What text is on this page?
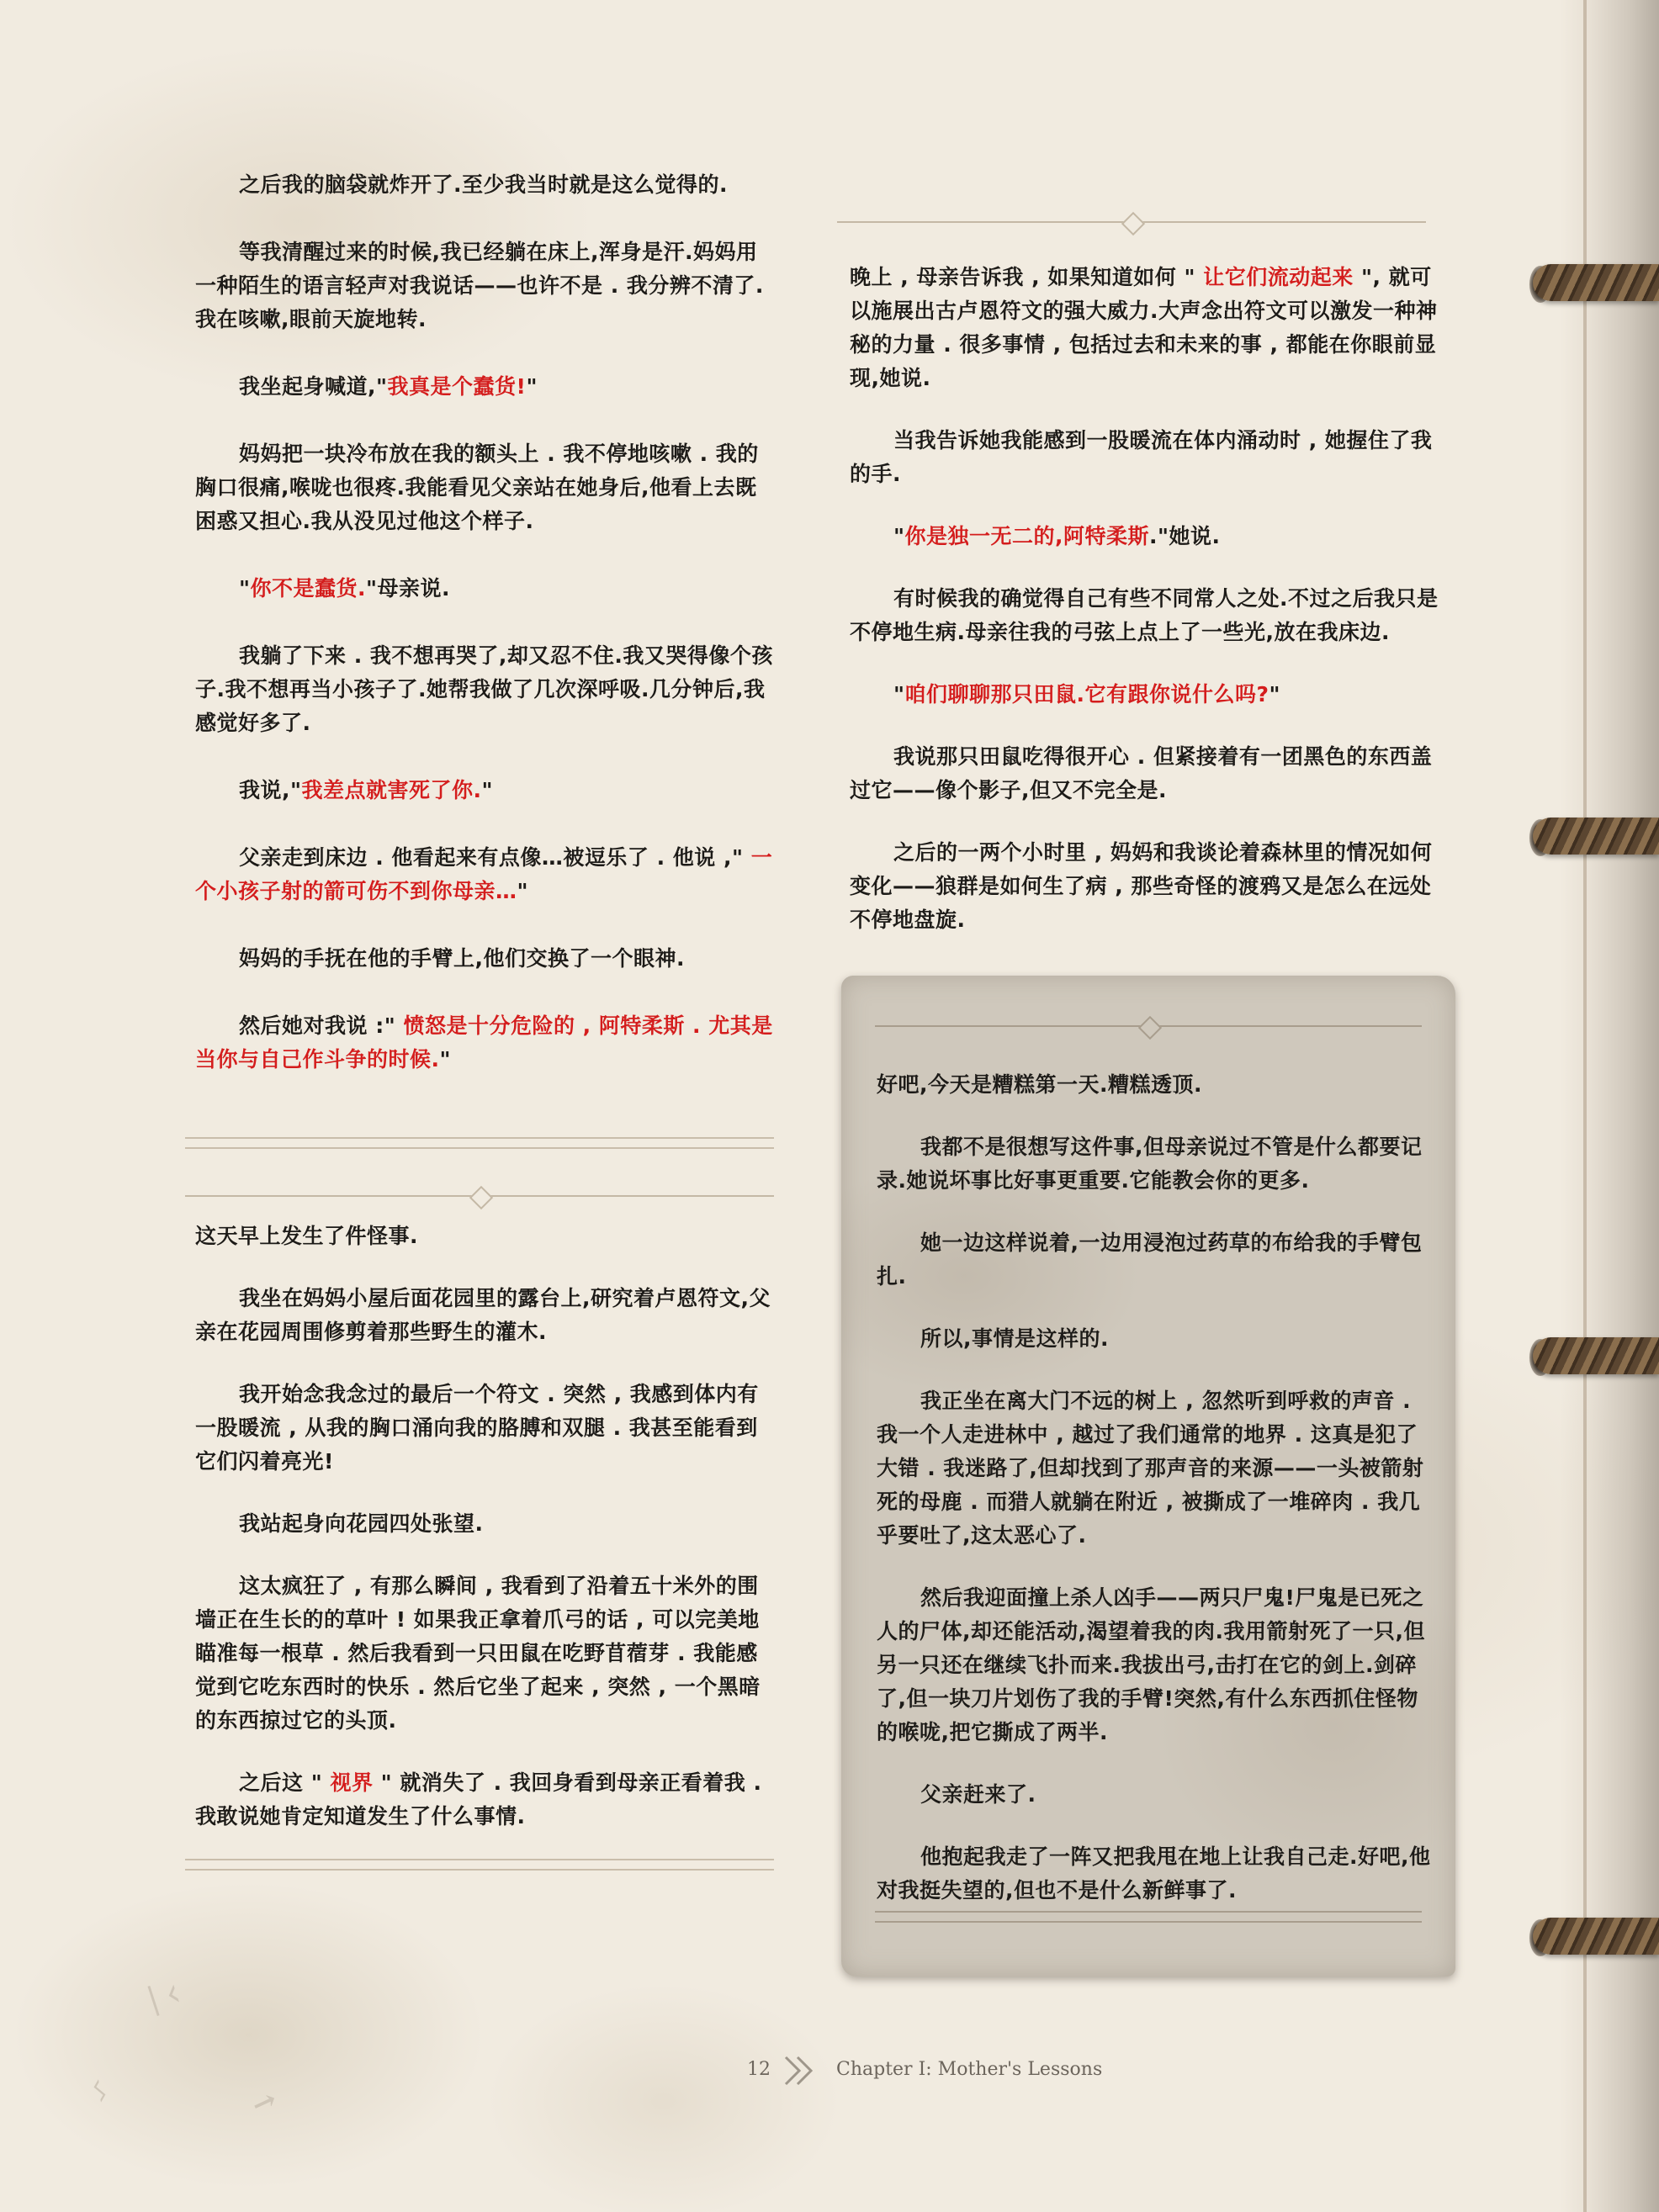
之后我的脑袋就炸开了.至少我当时就是这么觉得的.

等我清醒过来的时候,我已经躺在床上,浑身是汗.妈妈用一种陌生的语言轻声对我说话——也许不是 . 我分辨不清了.我在咳嗽,眼前天旋地转.

我坐起身喊道,"我真是个蠢货!"

妈妈把一块冷布放在我的额头上 . 我不停地咳嗽 . 我的胸口很痛,喉咙也很疼.我能看见父亲站在她身后,他看上去既困惑又担心.我从没见过他这个样子.

"你不是蠢货."母亲说.

我躺了下来 . 我不想再哭了,却又忍不住.我又哭得像个孩子.我不想再当小孩子了.她帮我做了几次深呼吸.几分钟后,我感觉好多了.

我说,"我差点就害死了你."

父亲走到床边 . 他看起来有点像…被逗乐了 . 他说 ," 一个小孩子射的箭可伤不到你母亲…"

妈妈的手抚在他的手臂上,他们交换了一个眼神.

然后她对我说 :" 愤怒是十分危险的 , 阿特柔斯 . 尤其是当你与自己作斗争的时候."

这天早上发生了件怪事.

我坐在妈妈小屋后面花园里的露台上,研究着卢恩符文,父亲在花园周围修剪着那些野生的灌木.

我开始念我念过的最后一个符文 . 突然 , 我感到体内有一股暖流 , 从我的胸口涌向我的胳膊和双腿 . 我甚至能看到它们闪着亮光!

我站起身向花园四处张望.

这太疯狂了 , 有那么瞬间 , 我看到了沿着五十米外的围墙正在生长的的草叶 ! 如果我正拿着爪弓的话 , 可以完美地瞄准每一根草 . 然后我看到一只田鼠在吃野苜蓿芽 . 我能感觉到它吃东西时的快乐 . 然后它坐了起来 , 突然 , 一个黑暗的东西掠过它的头顶.

之后这 " 视界 " 就消失了 . 我回身看到母亲正看着我 . 我敢说她肯定知道发生了什么事情.

晚上 , 母亲告诉我 , 如果知道如何 " 让它们流动起来 ", 就可以施展出古卢恩符文的强大威力.大声念出符文可以激发一种神秘的力量 . 很多事情 , 包括过去和未来的事 , 都能在你眼前显现,她说.

当我告诉她我能感到一股暖流在体内涌动时 , 她握住了我的手.

"你是独一无二的,阿特柔斯."她说.

有时候我的确觉得自己有些不同常人之处.不过之后我只是不停地生病.母亲往我的弓弦上点上了一些光,放在我床边.

"咱们聊聊那只田鼠.它有跟你说什么吗?"

我说那只田鼠吃得很开心 . 但紧接着有一团黑色的东西盖过它——像个影子,但又不完全是.

之后的一两个小时里 , 妈妈和我谈论着森林里的情况如何变化——狼群是如何生了病 , 那些奇怪的渡鸦又是怎么在远处不停地盘旋.

好吧,今天是糟糕第一天.糟糕透顶.

我都不是很想写这件事,但母亲说过不管是什么都要记录.她说坏事比好事更重要.它能教会你的更多.

她一边这样说着,一边用浸泡过药草的布给我的手臂包扎.

所以,事情是这样的.

我正坐在离大门不远的树上 , 忽然听到呼救的声音 . 我一个人走进林中 , 越过了我们通常的地界 . 这真是犯了大错 . 我迷路了,但却找到了那声音的来源——一头被箭射死的母鹿 . 而猎人就躺在附近 , 被撕成了一堆碎肉 . 我几乎要吐了,这太恶心了.

然后我迎面撞上杀人凶手——两只尸鬼!尸鬼是已死之人的尸体,却还能活动,渴望着我的肉.我用箭射死了一只,但另一只还在继续飞扑而来.我拔出弓,击打在它的剑上.剑碎了,但一块刀片划伤了我的手臂!突然,有什么东西抓住怪物的喉咙,把它撕成了两半.

父亲赶来了.

他抱起我走了一阵又把我甩在地上让我自己走.好吧,他对我挺失望的,但也不是什么新鲜事了.

ᛁᚲ
↗
ᛊ
12	Chapter I: Mother's Lessons
